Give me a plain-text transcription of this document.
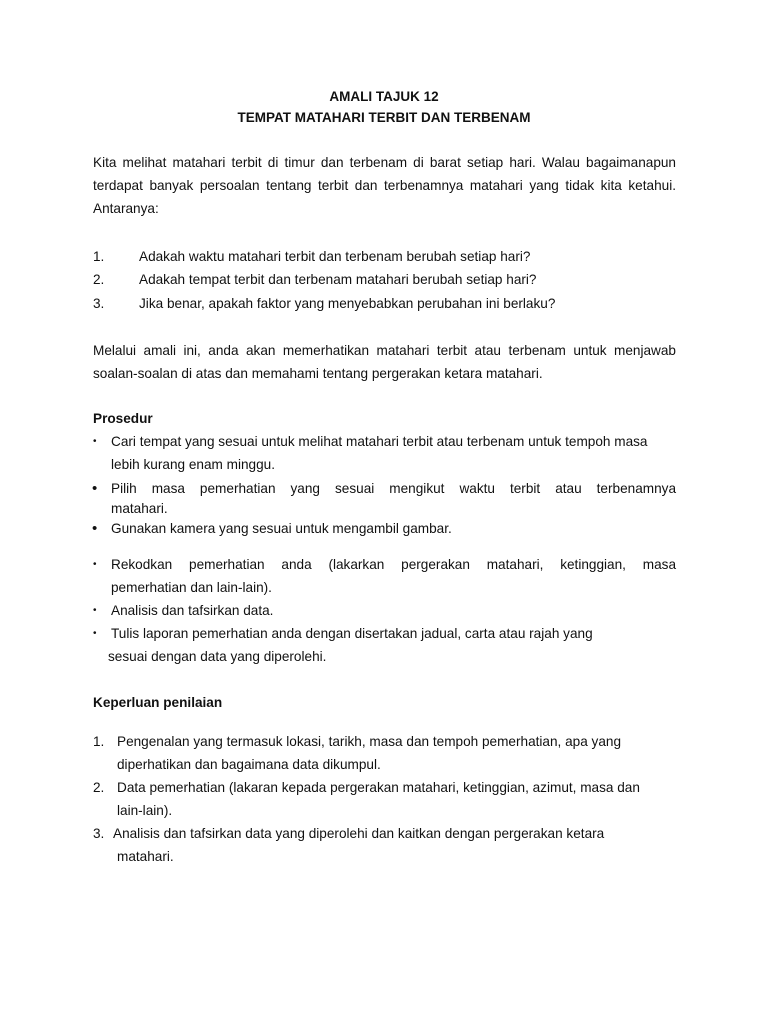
AMALI TAJUK 12

TEMPAT MATAHARI TERBIT DAN TERBENAM

Kita melihat matahari terbit di timur dan terbenam di barat setiap hari. Walau bagaimanapun terdapat banyak persoalan tentang terbit dan terbenamnya matahari yang tidak kita ketahui. Antaranya:

1.	Adakah waktu matahari terbit dan terbenam berubah setiap hari?
2.	Adakah tempat terbit dan terbenam matahari berubah setiap hari?
3.	Jika benar, apakah faktor yang menyebabkan perubahan ini berlaku?

Melalui amali ini, anda akan memerhatikan matahari terbit atau terbenam untuk menjawab soalan-soalan di atas dan memahami tentang pergerakan ketara matahari.

Prosedur

•	Cari tempat yang sesuai untuk melihat matahari terbit atau terbenam untuk tempoh masa
lebih kurang enam minggu.
•	Pilih masa pemerhatian yang sesuai mengikut waktu terbit atau terbenamnya
matahari.
•	Gunakan kamera yang sesuai untuk mengambil gambar.
•	Rekodkan pemerhatian anda (lakarkan pergerakan matahari, ketinggian, masa
pemerhatian dan lain-lain).
•	Analisis dan tafsirkan data.
•	Tulis laporan pemerhatian anda dengan disertakan jadual, carta atau rajah yang
sesuai dengan data yang diperolehi.

Keperluan penilaian

1. Pengenalan yang termasuk lokasi, tarikh, masa dan tempoh pemerhatian, apa yang
diperhatikan dan bagaimana data dikumpul.
2. Data pemerhatian (lakaran kepada pergerakan matahari, ketinggian, azimut, masa dan
lain-lain).
3. Analisis dan tafsirkan data yang diperolehi dan kaitkan dengan pergerakan ketara
matahari.
